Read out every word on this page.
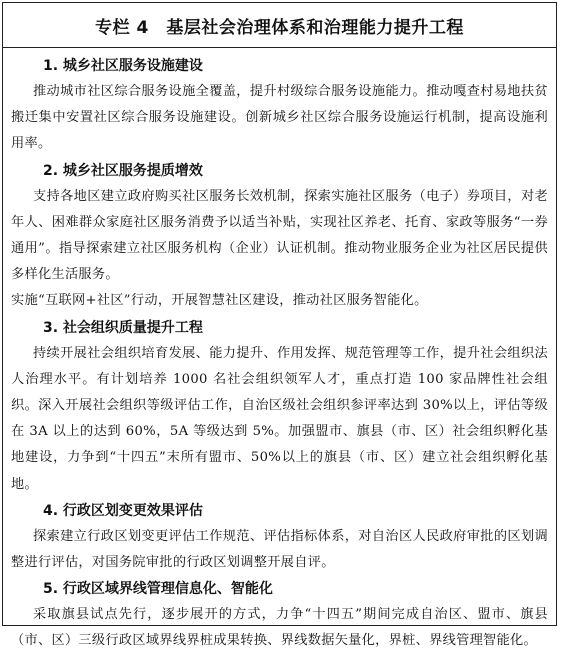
专栏 4　基层社会治理体系和治理能力提升工程
1. 城乡社区服务设施建设

推动城市社区综合服务设施全覆盖，提升村级综合服务设施能力。推动嘎查村易地扶贫搬迁集中安置社区综合服务设施建设。创新城乡社区综合服务设施运行机制，提高设施利用率。

2. 城乡社区服务提质增效

支持各地区建立政府购买社区服务长效机制，探索实施社区服务（电子）券项目，对老年人、困难群众家庭社区服务消费予以适当补贴，实现社区养老、托育、家政等服务“一券通用”。指导探索建立社区服务机构（企业）认证机制。推动物业服务企业为社区居民提供多样化生活服务。

实施“互联网+社区”行动，开展智慧社区建设，推动社区服务智能化。

3. 社会组织质量提升工程

持续开展社会组织培育发展、能力提升、作用发挥、规范管理等工作，提升社会组织法人治理水平。有计划培养 1000 名社会组织领军人才，重点打造 100 家品牌性社会组织。深入开展社会组织等级评估工作，自治区级社会组织参评率达到 30%以上，评估等级在 3A 以上的达到 60%，5A 等级达到 5%。加强盟市、旗县（市、区）社会组织孵化基地建设，力争到“十四五”末所有盟市、50%以上的旗县（市、区）建立社会组织孵化基地。

4. 行政区划变更效果评估

探索建立行政区划变更评估工作规范、评估指标体系，对自治区人民政府审批的区划调整进行评估，对国务院审批的行政区划调整开展自评。

5. 行政区域界线管理信息化、智能化

采取旗县试点先行，逐步展开的方式，力争“十四五”期间完成自治区、盟市、旗县（市、区）三级行政区域界线界桩成果转换、界线数据矢量化，界桩、界线管理智能化。
